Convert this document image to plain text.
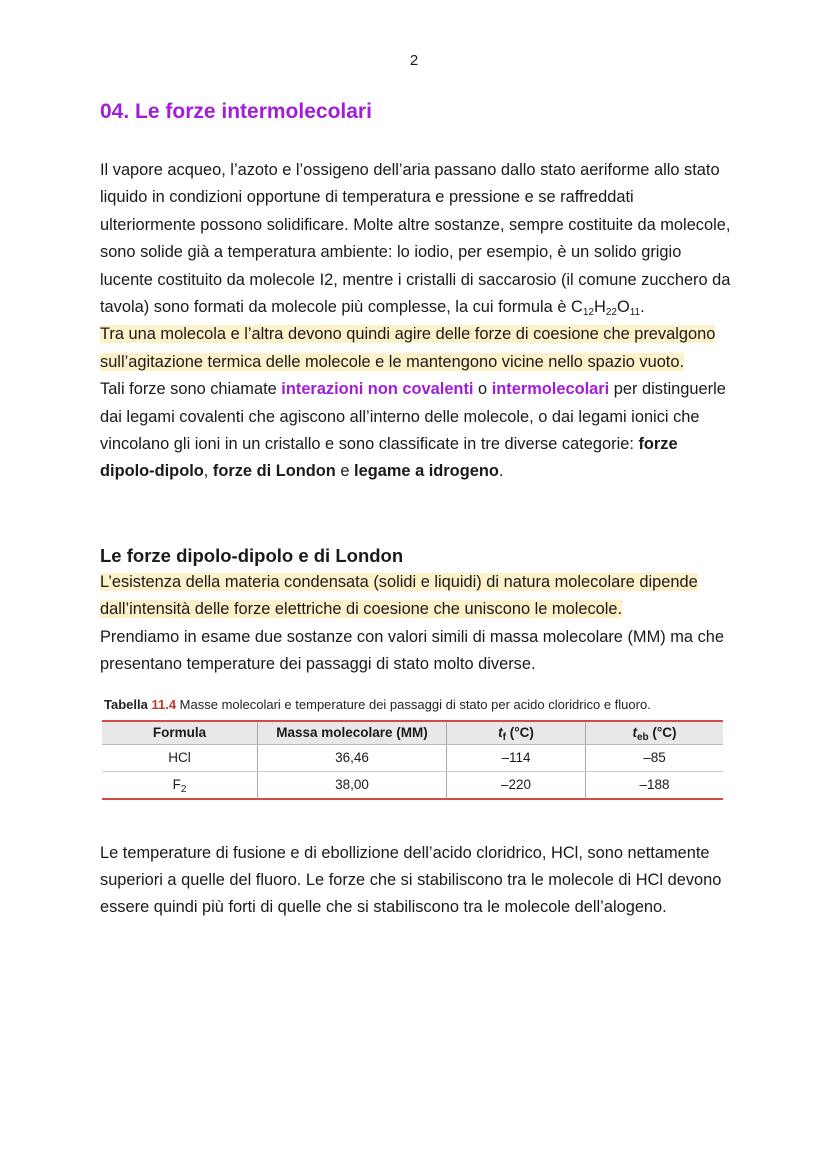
2
04. Le forze intermolecolari

Il vapore acqueo, l’azoto e l’ossigeno dell’aria passano dallo stato aeriforme allo stato liquido in condizioni opportune di temperatura e pressione e se raffreddati ulteriormente possono solidificare. Molte altre sostanze, sempre costituite da molecole, sono solide già a temperatura ambiente: lo iodio, per esempio, è un solido grigio lucente costituito da molecole I2, mentre i cristalli di saccarosio (il comune zucchero da tavola) sono formati da molecole più complesse, la cui formula è $C_{12}H_{22}O_{11}$.

Tra una molecola e l’altra devono quindi agire delle forze di coesione che prevalgono sull’agitazione termica delle molecole e le mantengono vicine nello spazio vuoto.

Tali forze sono chiamate interazioni non covalenti o intermolecolari per distinguerle dai legami covalenti che agiscono all’interno delle molecole, o dai legami ionici che vincolano gli ioni in un cristallo e sono classificate in tre diverse categorie: forze dipolo-dipolo, forze di London e legame a idrogeno.

Le forze dipolo-dipolo e di London

L’esistenza della materia condensata (solidi e liquidi) di natura molecolare dipende dall’intensità delle forze elettriche di coesione che uniscono le molecole.

Prendiamo in esame due sostanze con valori simili di massa molecolare (MM) ma che presentano temperature dei passaggi di stato molto diverse.

Tabella 11.4 Masse molecolari e temperature dei passaggi di stato per acido cloridrico e fluoro.
Formula	Massa molecolare (MM)	$t_f$ (°C)	$t_{eb}$ (°C)
HCl	36,46	–114	–85
$F_2$	38,00	–220	–188

Le temperature di fusione e di ebollizione dell’acido cloridrico, HCl, sono nettamente superiori a quelle del fluoro. Le forze che si stabiliscono tra le molecole di HCl devono essere quindi più forti di quelle che si stabiliscono tra le molecole dell’alogeno.
